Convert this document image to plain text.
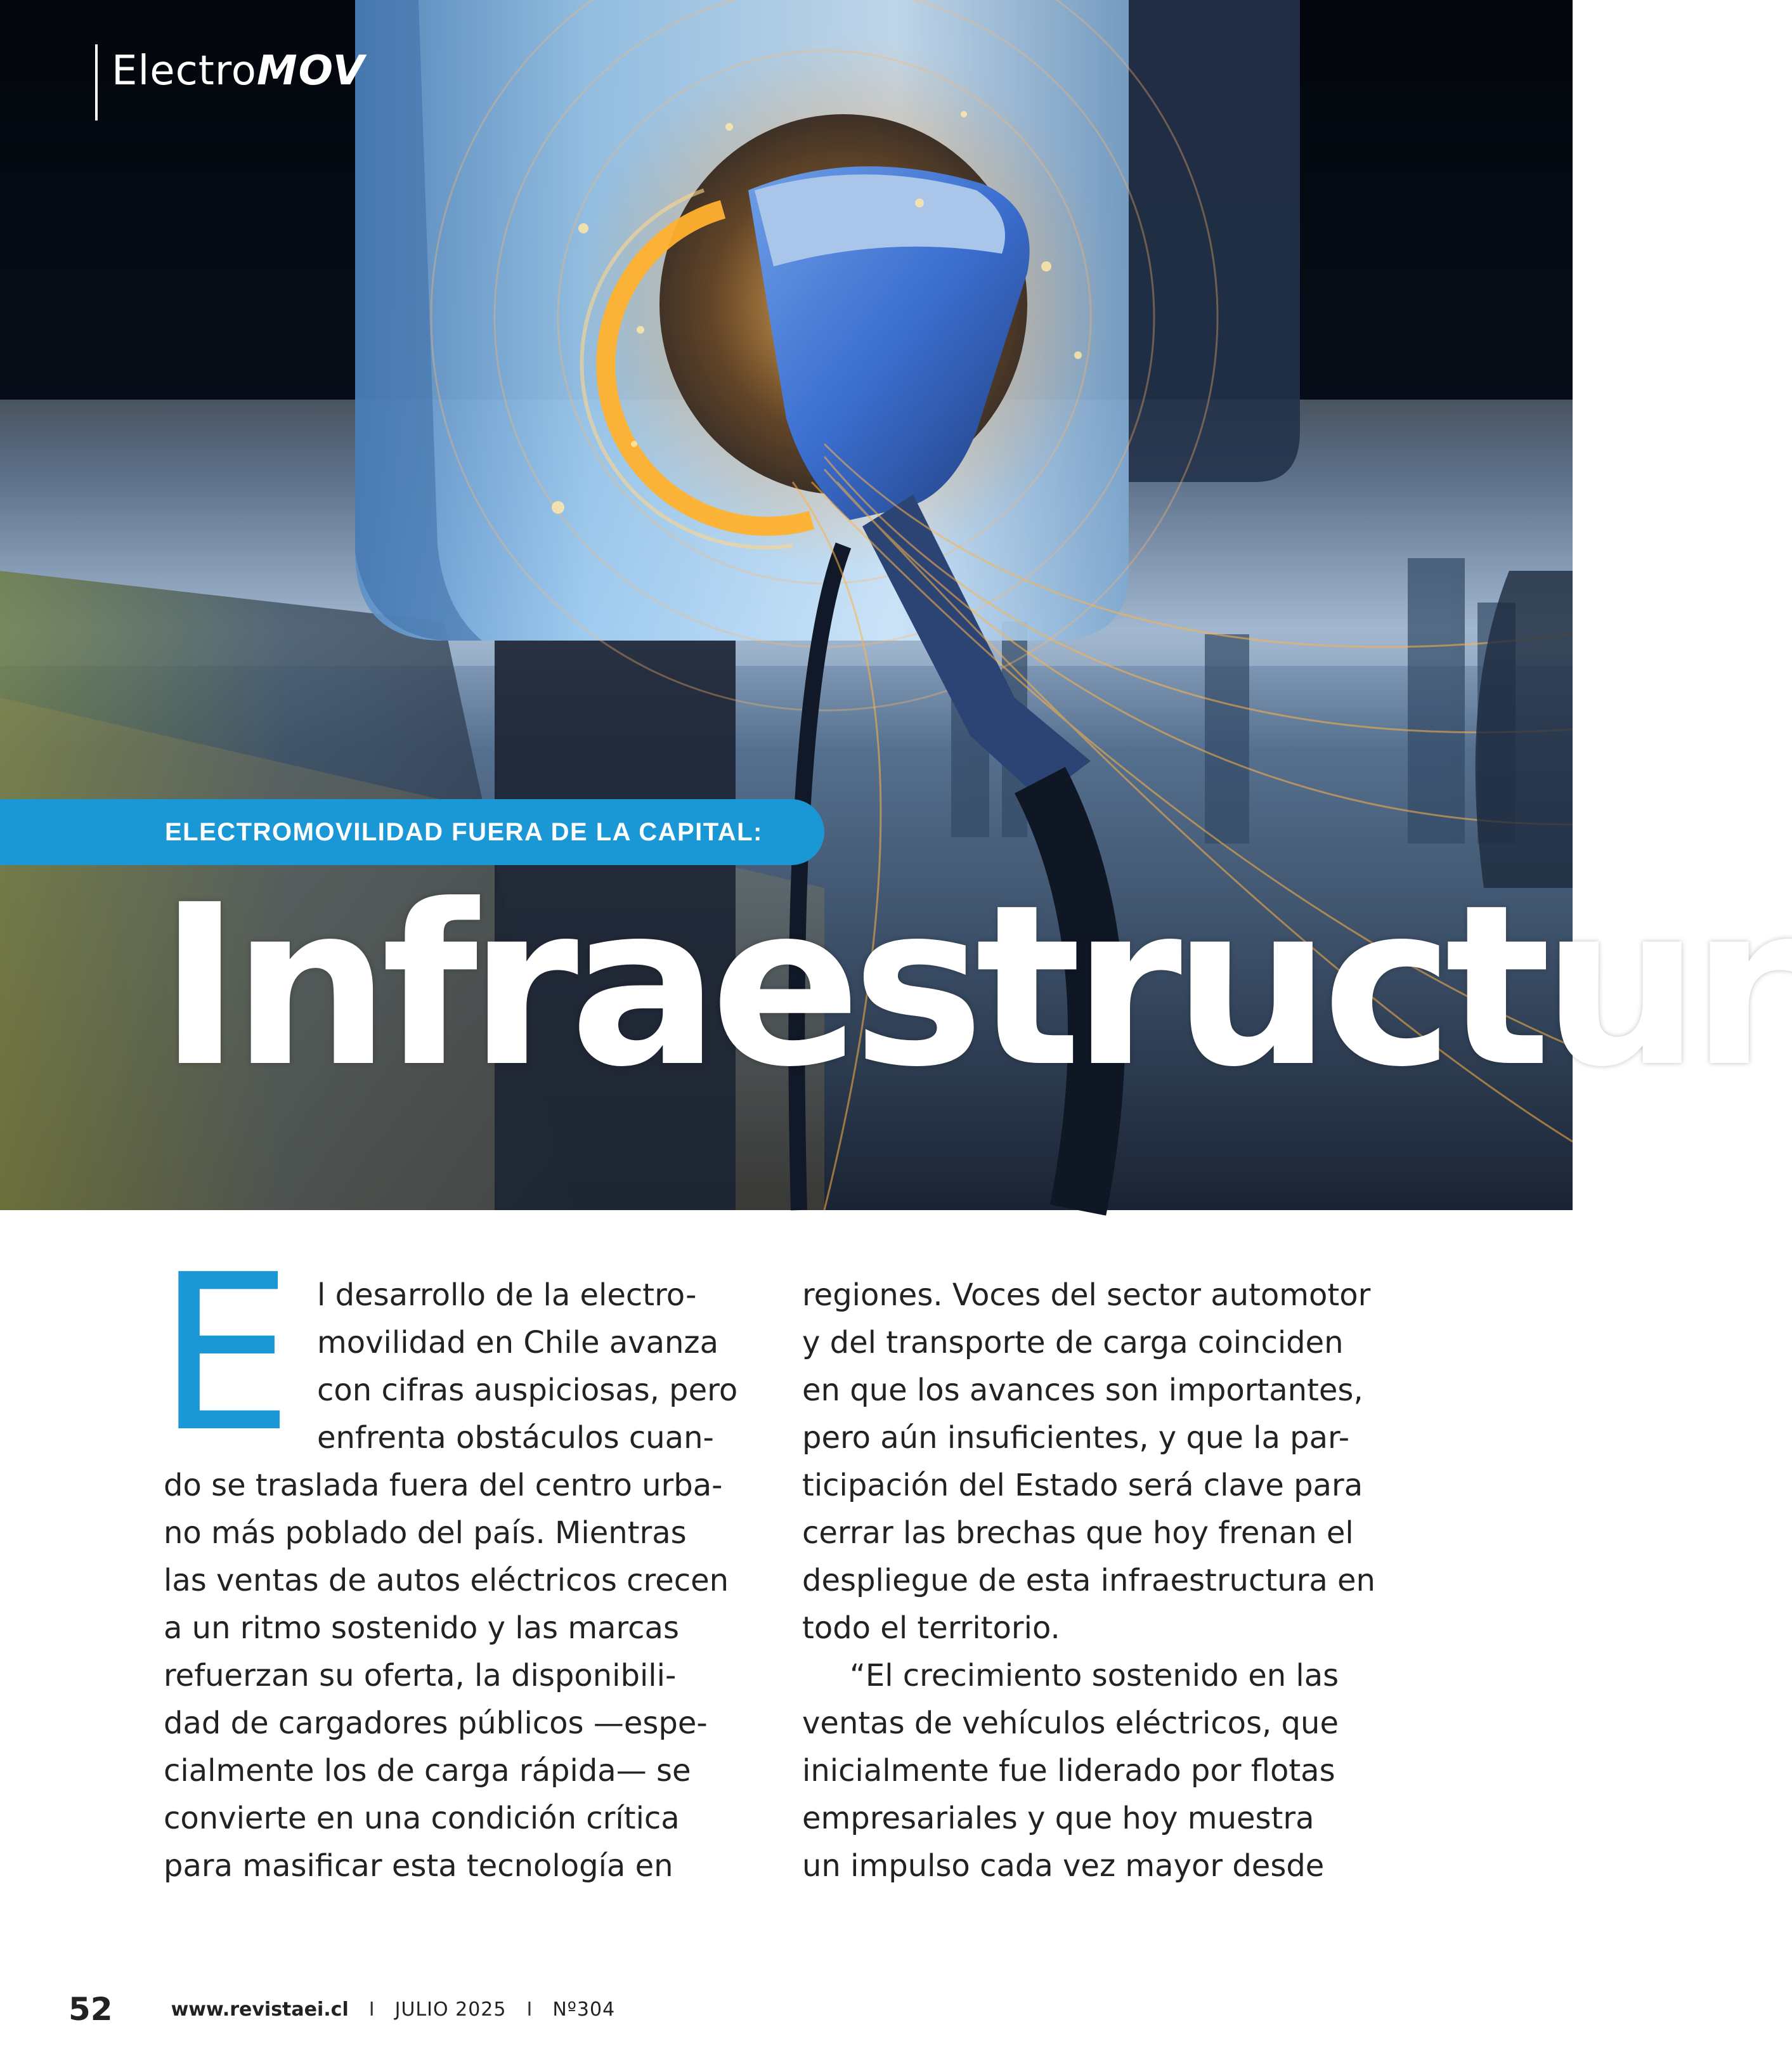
Electro MOV
ELECTROMOVILIDAD FUERA DE LA CAPITAL:
Infraestructur
E l desarrollo de la electro-
movilidad en Chile avanza
con cifras auspiciosas, pero
enfrenta obstáculos cuan-
do se traslada fuera del centro urba-
no más poblado del país. Mientras
las ventas de autos eléctricos crecen
a un ritmo sostenido y las marcas
refuerzan su oferta, la disponibili-
dad de cargadores públicos —espe-
cialmente los de carga rápida— se
convierte en una condición crítica
para masificar esta tecnología en
regiones. Voces del sector automotor
y del transporte de carga coinciden
en que los avances son importantes,
pero aún insuficientes, y que la par-
ticipación del Estado será clave para
cerrar las brechas que hoy frenan el
despliegue de esta infraestructura en
todo el territorio.
“El crecimiento sostenido en las
ventas de vehículos eléctricos, que
inicialmente fue liderado por flotas
empresariales y que hoy muestra
un impulso cada vez mayor desde
52	www.revistaei.cl I JULIO 2025 I Nº304
